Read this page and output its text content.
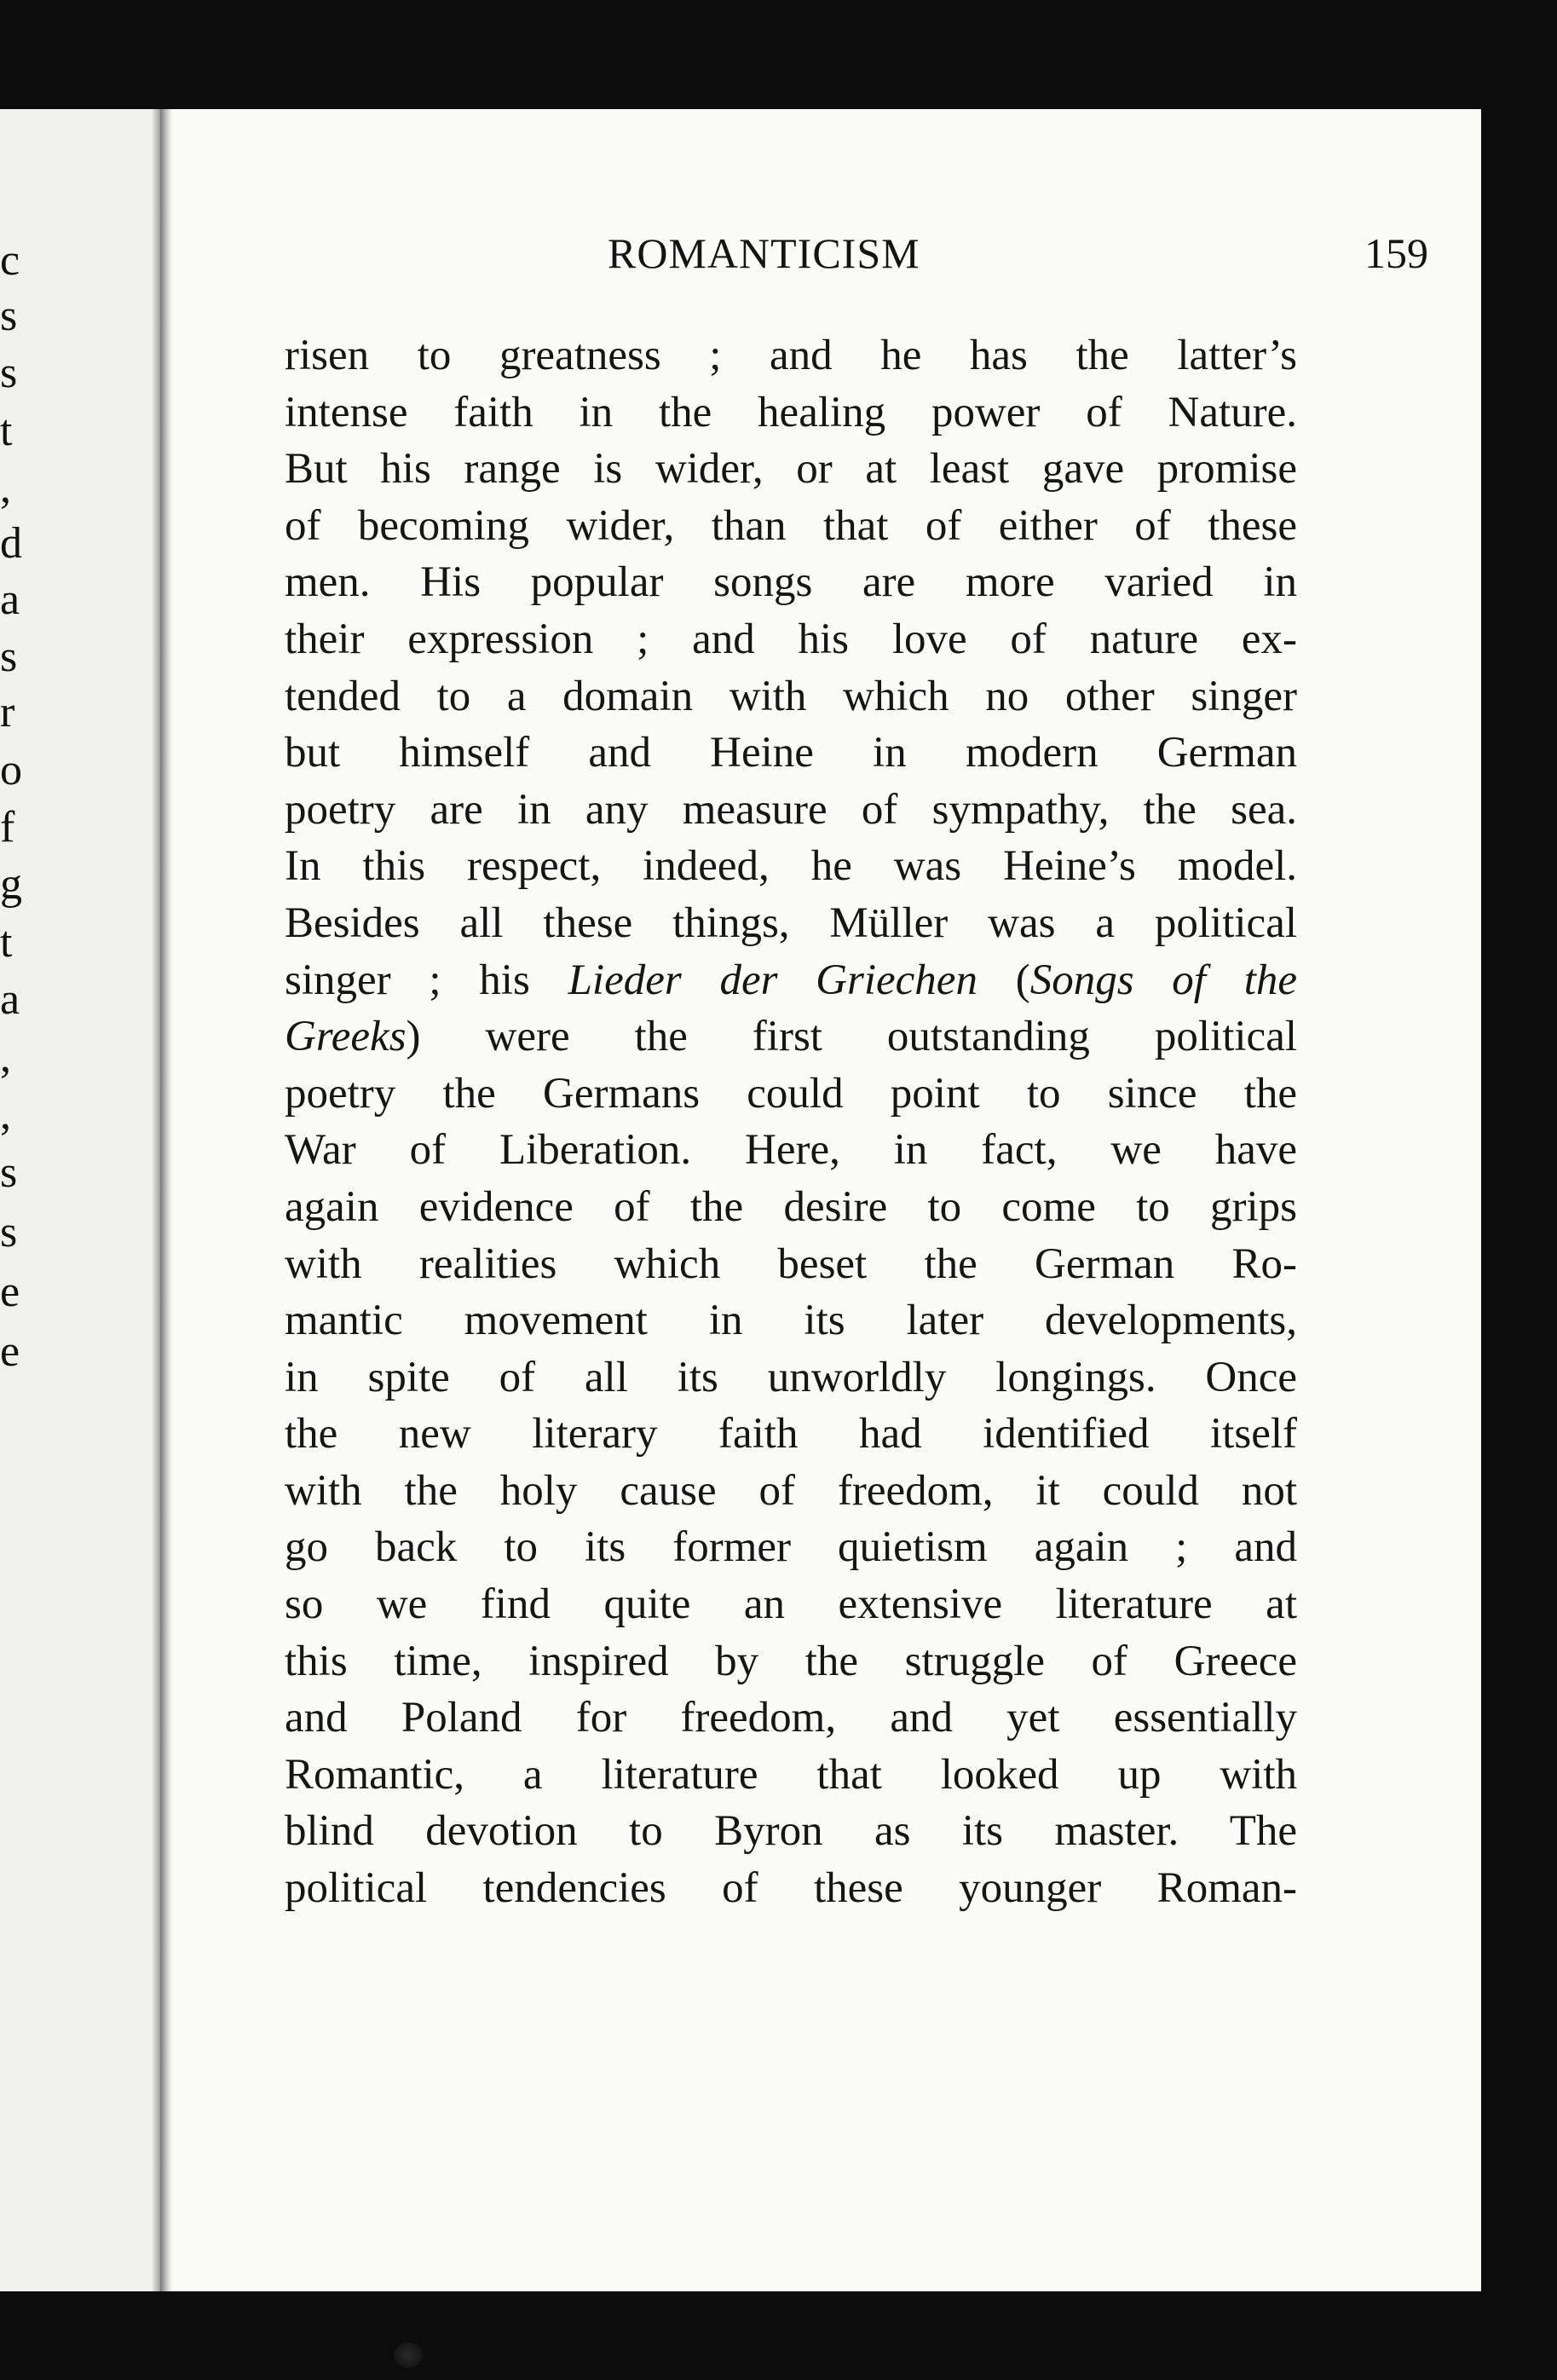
c
s
s
t
,
d
a
s
r
o
f
g
t
a
,
,
s
s
e
e
ROMANTICISM	159
risen to greatness ; and he has the latter’s
intense faith in the healing power of Nature.
But his range is wider, or at least gave promise
of becoming wider, than that of either of these
men. His popular songs are more varied in
their expression ; and his love of nature ex-
tended to a domain with which no other singer
but himself and Heine in modern German
poetry are in any measure of sympathy, the sea.
In this respect, indeed, he was Heine’s model.
Besides all these things, Müller was a political
singer ; his Lieder der Griechen (Songs of the
Greeks) were the first outstanding political
poetry the Germans could point to since the
War of Liberation. Here, in fact, we have
again evidence of the desire to come to grips
with realities which beset the German Ro-
mantic movement in its later developments,
in spite of all its unworldly longings. Once
the new literary faith had identified itself
with the holy cause of freedom, it could not
go back to its former quietism again ; and
so we find quite an extensive literature at
this time, inspired by the struggle of Greece
and Poland for freedom, and yet essentially
Romantic, a literature that looked up with
blind devotion to Byron as its master. The
political tendencies of these younger Roman-
